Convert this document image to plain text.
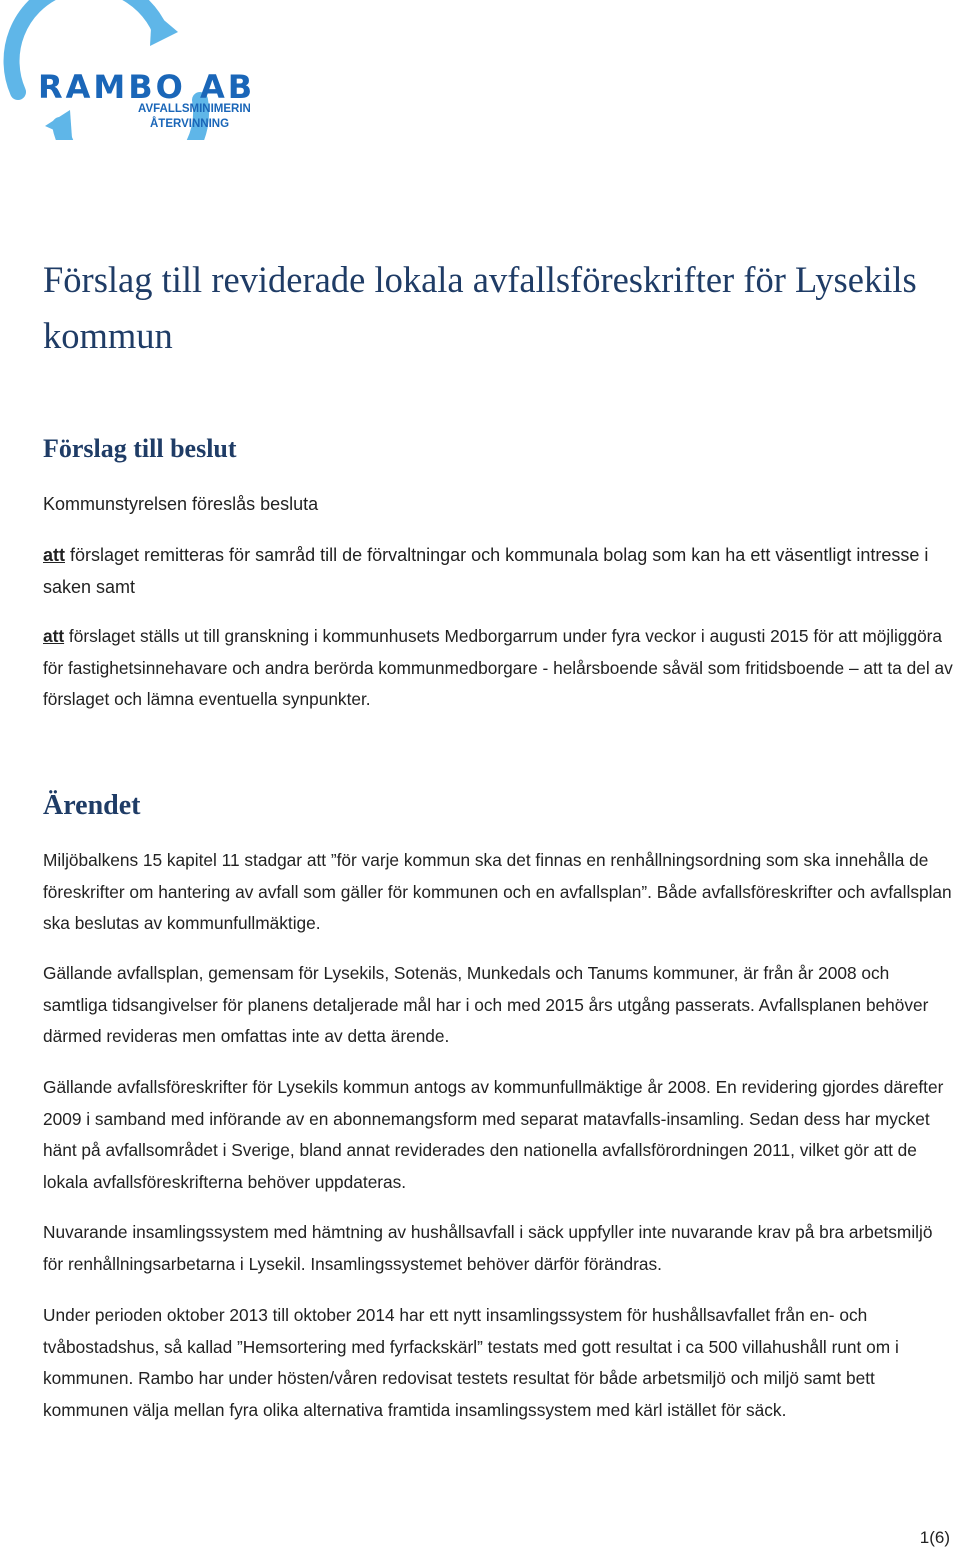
RAMBO AB
AVFALLSMINIMERING
ÅTERVINNING
Förslag till reviderade lokala avfallsföreskrifter för Lysekils kommun
Förslag till beslut

Kommunstyrelsen föreslås besluta

att förslaget remitteras för samråd till de förvaltningar och kommunala bolag som kan ha ett väsentligt intresse i saken samt

att förslaget ställs ut till granskning i kommunhusets Medborgarrum under fyra veckor i augusti 2015 för att möjliggöra för fastighetsinnehavare och andra berörda kommunmedborgare - helårsboende såväl som fritidsboende – att ta del av förslaget och lämna eventuella synpunkter.

Ärendet

Miljöbalkens 15 kapitel 11 stadgar att ”för varje kommun ska det finnas en renhållningsordning som ska innehålla de föreskrifter om hantering av avfall som gäller för kommunen och en avfallsplan”. Både avfallsföreskrifter och avfallsplan ska beslutas av kommunfullmäktige.

Gällande avfallsplan, gemensam för Lysekils, Sotenäs, Munkedals och Tanums kommuner, är från år 2008 och samtliga tidsangivelser för planens detaljerade mål har i och med 2015 års utgång passerats. Avfallsplanen behöver därmed revideras men omfattas inte av detta ärende.

Gällande avfallsföreskrifter för Lysekils kommun antogs av kommunfullmäktige år 2008. En revidering gjordes därefter 2009 i samband med införande av en abonnemangsform med separat matavfalls-insamling. Sedan dess har mycket hänt på avfallsområdet i Sverige, bland annat reviderades den nationella avfallsförordningen 2011, vilket gör att de lokala avfallsföreskrifterna behöver uppdateras.

Nuvarande insamlingssystem med hämtning av hushållsavfall i säck uppfyller inte nuvarande krav på bra arbetsmiljö för renhållningsarbetarna i Lysekil. Insamlingssystemet behöver därför förändras.

Under perioden oktober 2013 till oktober 2014 har ett nytt insamlingssystem för hushållsavfallet från en- och tvåbostadshus, så kallad ”Hemsortering med fyrfackskärl” testats med gott resultat i ca 500 villahushåll runt om i kommunen. Rambo har under hösten/våren redovisat testets resultat för både arbetsmiljö och miljö samt bett kommunen välja mellan fyra olika alternativa framtida insamlingssystem med kärl istället för säck.

1(6)
